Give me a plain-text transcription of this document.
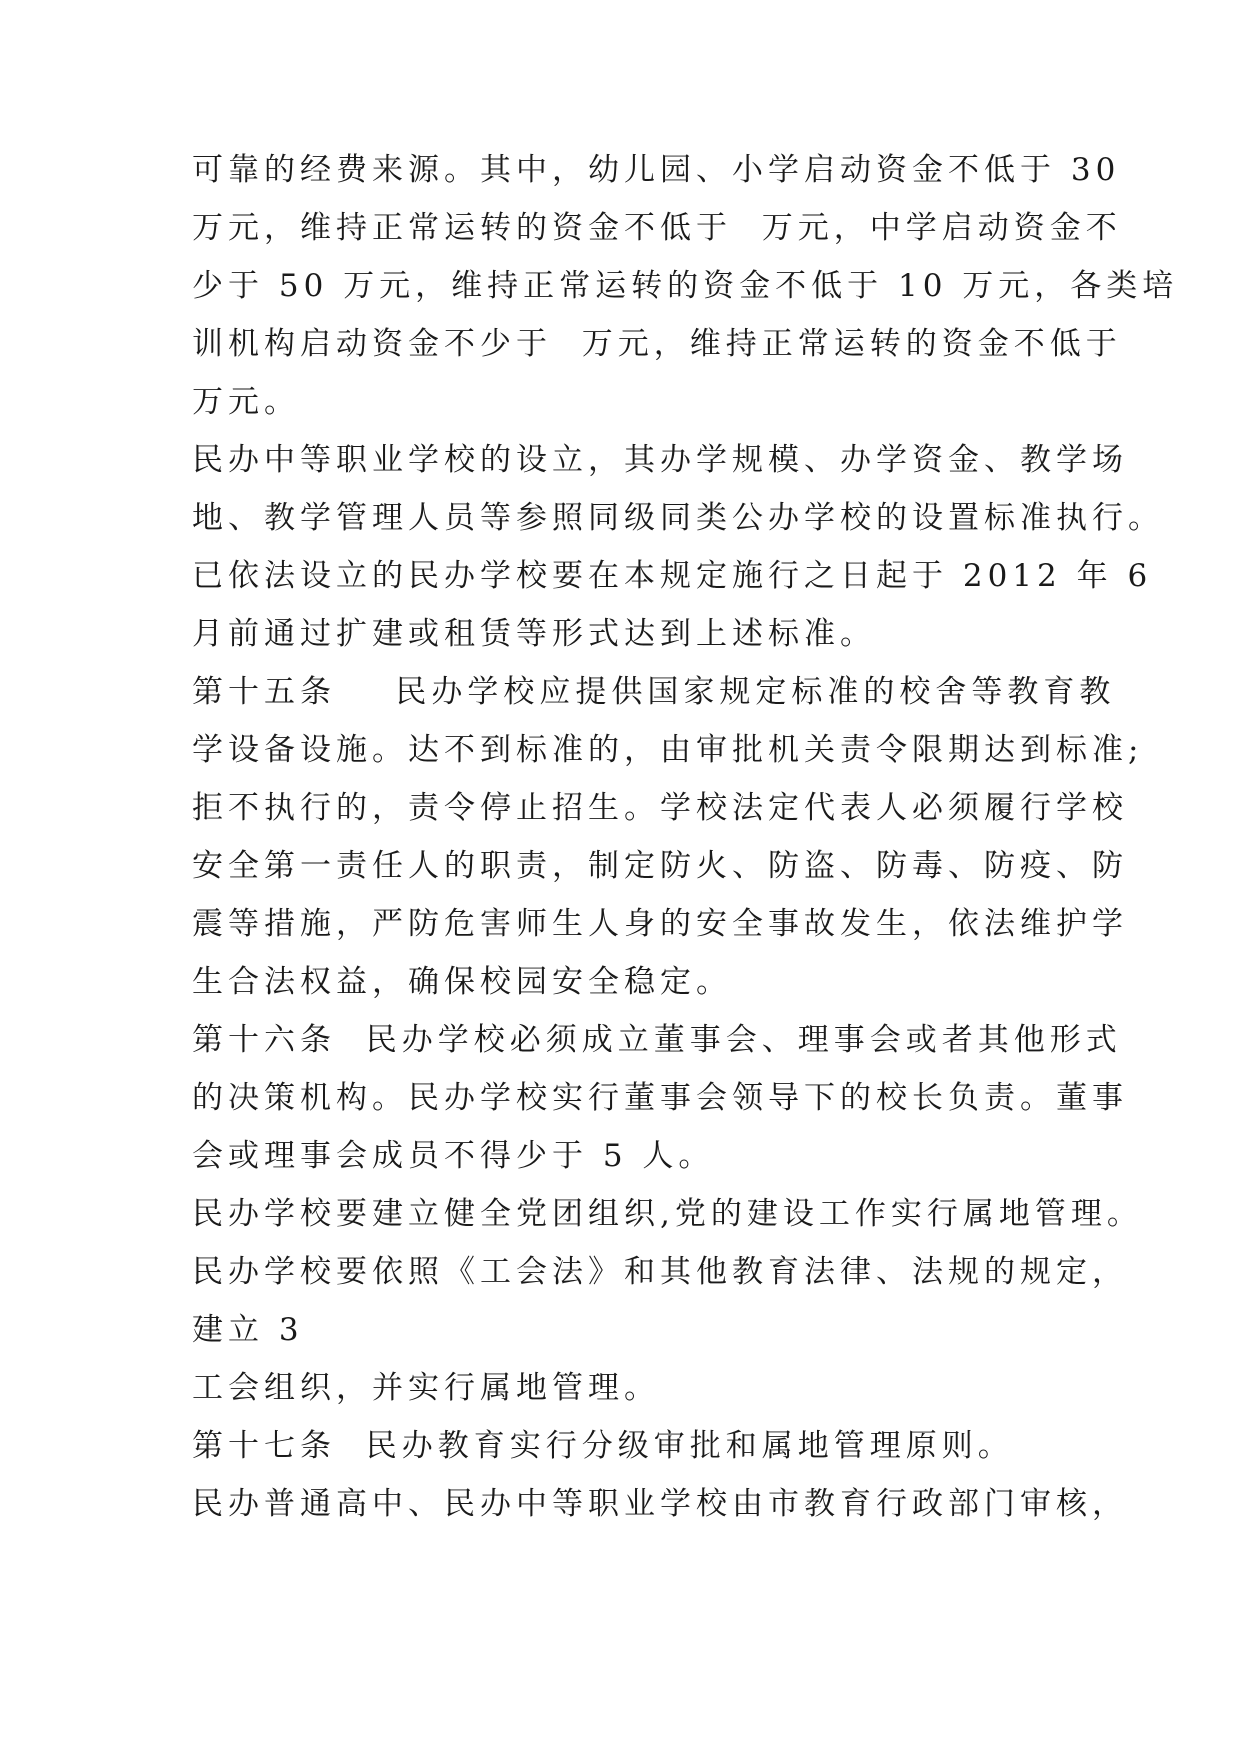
可靠的经费来源。其中，幼儿园、小学启动资金不低于 30
万元，维持正常运转的资金不低于  万元，中学启动资金不
少于 50 万元，维持正常运转的资金不低于 10 万元，各类培
训机构启动资金不少于  万元，维持正常运转的资金不低于
万元。
民办中等职业学校的设立，其办学规模、办学资金、教学场
地、教学管理人员等参照同级同类公办学校的设置标准执行。
已依法设立的民办学校要在本规定施行之日起于 2012 年 6
月前通过扩建或租赁等形式达到上述标准。
第十五条    民办学校应提供国家规定标准的校舍等教育教
学设备设施。达不到标准的，由审批机关责令限期达到标准;
拒不执行的，责令停止招生。学校法定代表人必须履行学校
安全第一责任人的职责，制定防火、防盗、防毒、防疫、防
震等措施，严防危害师生人身的安全事故发生，依法维护学
生合法权益，确保校园安全稳定。
第十六条  民办学校必须成立董事会、理事会或者其他形式
的决策机构。民办学校实行董事会领导下的校长负责。董事
会或理事会成员不得少于 5 人。
民办学校要建立健全党团组织,党的建设工作实行属地管理。
民办学校要依照《工会法》和其他教育法律、法规的规定，
建立 3
工会组织，并实行属地管理。
第十七条  民办教育实行分级审批和属地管理原则。
民办普通高中、民办中等职业学校由市教育行政部门审核，
